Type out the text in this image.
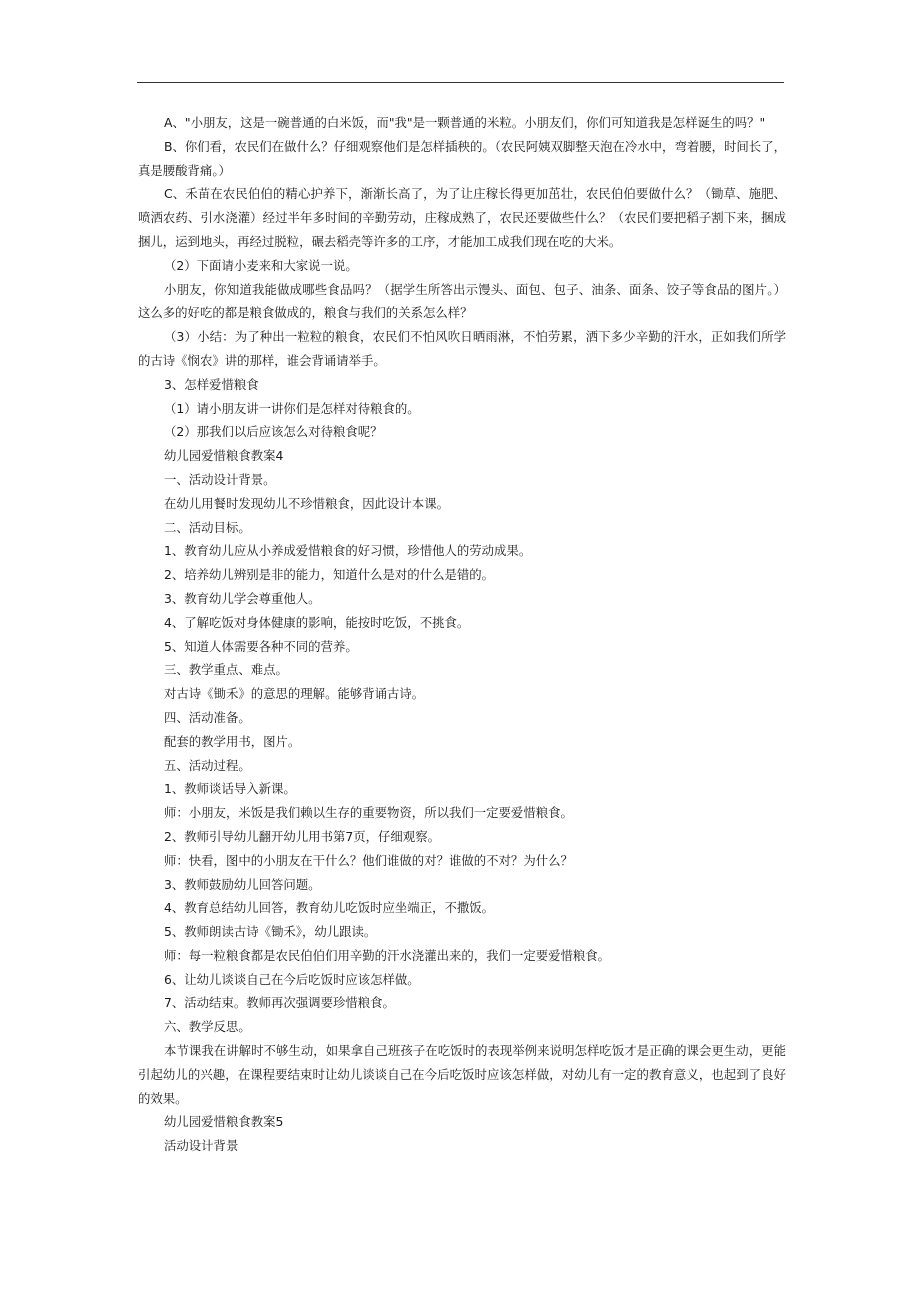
A、"小朋友，这是一碗普通的白米饭，而"我"是一颗普通的米粒。小朋友们，你们可知道我是怎样诞生的吗？"

B、你们看，农民们在做什么？仔细观察他们是怎样插秧的。（农民阿姨双脚整天泡在冷水中，弯着腰，时间长了，真是腰酸背痛。）

C、禾苗在农民伯伯的精心护养下，渐渐长高了，为了让庄稼长得更加茁壮，农民伯伯要做什么？（锄草、施肥、喷洒农药、引水浇灌）经过半年多时间的辛勤劳动，庄稼成熟了，农民还要做些什么？（农民们要把稻子割下来，捆成捆儿，运到地头，再经过脱粒，碾去稻壳等许多的工序，才能加工成我们现在吃的大米。

（2）下面请小麦来和大家说一说。

小朋友，你知道我能做成哪些食品吗？（据学生所答出示馒头、面包、包子、油条、面条、饺子等食品的图片。）这么多的好吃的都是粮食做成的，粮食与我们的关系怎么样？

（3）小结：为了种出一粒粒的粮食，农民们不怕风吹日晒雨淋，不怕劳累，洒下多少辛勤的汗水，正如我们所学的古诗《悯农》讲的那样，谁会背诵请举手。

3、怎样爱惜粮食

（1）请小朋友讲一讲你们是怎样对待粮食的。

（2）那我们以后应该怎么对待粮食呢？

幼儿园爱惜粮食教案4

一、活动设计背景。

在幼儿用餐时发现幼儿不珍惜粮食，因此设计本课。

二、活动目标。

1、教育幼儿应从小养成爱惜粮食的好习惯，珍惜他人的劳动成果。

2、培养幼儿辨别是非的能力，知道什么是对的什么是错的。

3、教育幼儿学会尊重他人。

4、了解吃饭对身体健康的影响，能按时吃饭，不挑食。

5、知道人体需要各种不同的营养。

三、教学重点、难点。

对古诗《锄禾》的意思的理解。能够背诵古诗。

四、活动准备。

配套的教学用书，图片。

五、活动过程。

1、教师谈话导入新课。

师：小朋友，米饭是我们赖以生存的重要物资，所以我们一定要爱惜粮食。

2、教师引导幼儿翻开幼儿用书第7页，仔细观察。

师：快看，图中的小朋友在干什么？他们谁做的对？谁做的不对？为什么？

3、教师鼓励幼儿回答问题。

4、教育总结幼儿回答，教育幼儿吃饭时应坐端正，不撒饭。

5、教师朗读古诗《锄禾》，幼儿跟读。

师：每一粒粮食都是农民伯伯们用辛勤的汗水浇灌出来的，我们一定要爱惜粮食。

6、让幼儿谈谈自己在今后吃饭时应该怎样做。

7、活动结束。教师再次强调要珍惜粮食。

六、教学反思。

本节课我在讲解时不够生动，如果拿自己班孩子在吃饭时的表现举例来说明怎样吃饭才是正确的课会更生动，更能引起幼儿的兴趣，在课程要结束时让幼儿谈谈自己在今后吃饭时应该怎样做，对幼儿有一定的教育意义，也起到了良好的效果。

幼儿园爱惜粮食教案5

活动设计背景
